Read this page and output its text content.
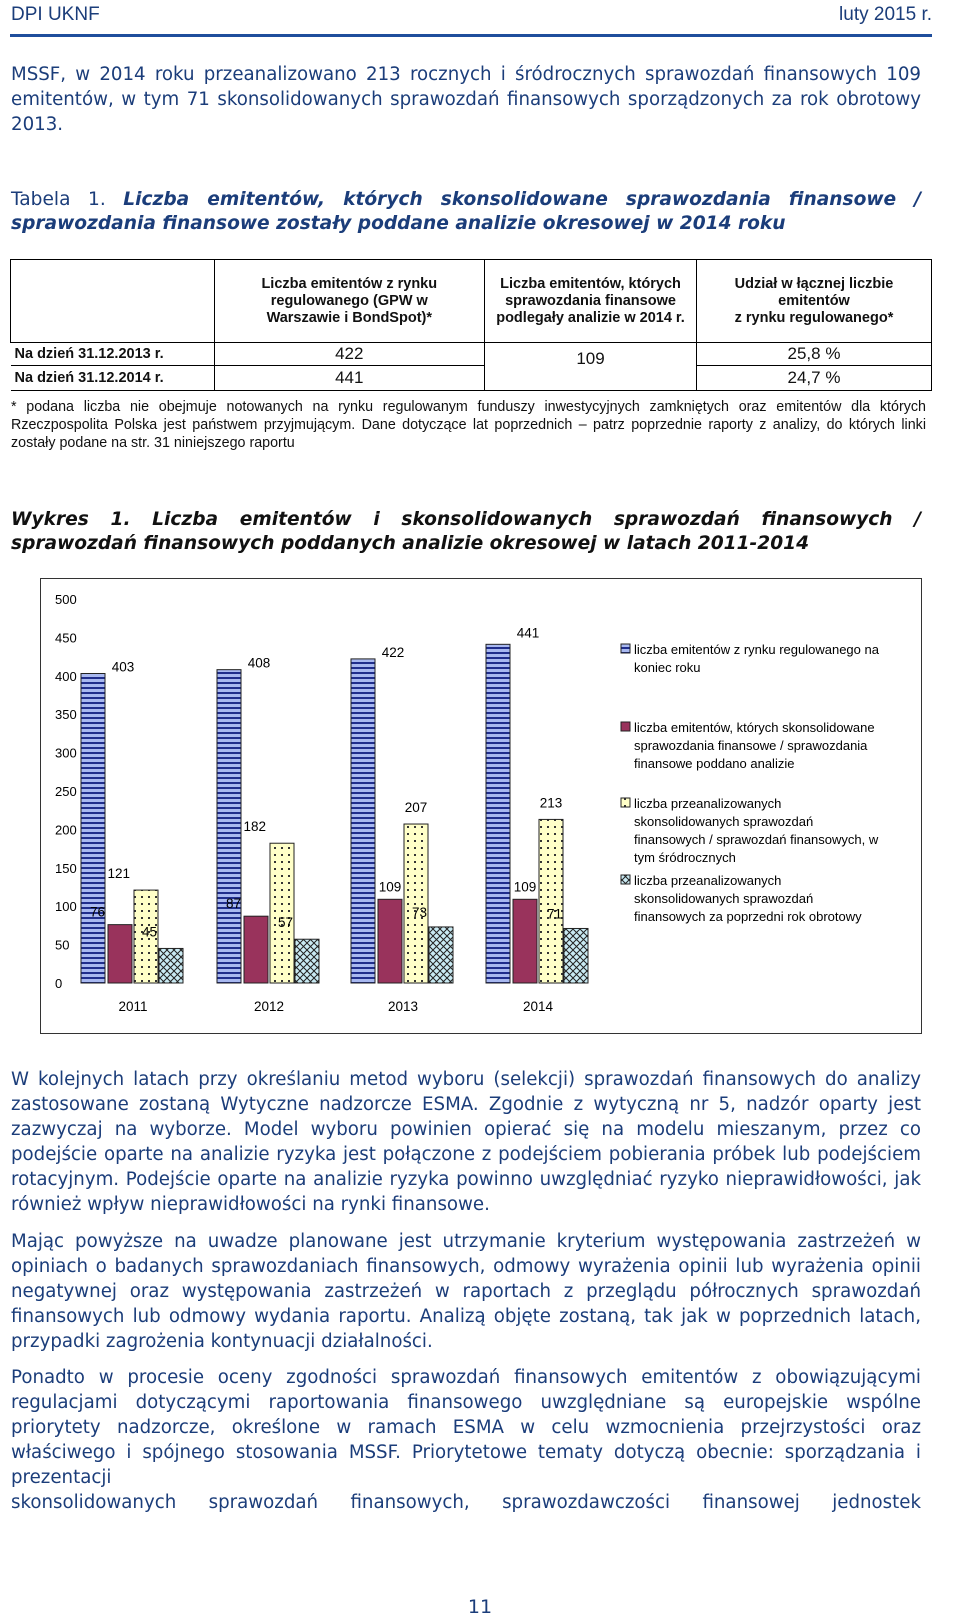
DPI UKNF	luty 2015 r.
MSSF, w 2014 roku przeanalizowano 213 rocznych i śródrocznych sprawozdań finansowych 109 emitentów, w tym 71 skonsolidowanych sprawozdań finansowych sporządzonych za rok obrotowy 2013.
Tabela 1. Liczba emitentów, których skonsolidowane sprawozdania finansowe /
sprawozdania finansowe zostały poddane analizie okresowej w 2014 roku
	Liczba emitentów z rynku regulowanego (GPW w Warszawie i BondSpot)*	Liczba emitentów, których sprawozdania finansowe podlegały analizie w 2014 r.	Udział w łącznej liczbie emitentów
z rynku regulowanego*
Na dzień 31.12.2013 r.	422	109	25,8 %
Na dzień 31.12.2014 r.	441		24,7 %
* podana liczba nie obejmuje notowanych na rynku regulowanym funduszy inwestycyjnych zamkniętych oraz emitentów dla których Rzeczpospolita Polska jest państwem przyjmującym. Dane dotyczące lat poprzednich – patrz poprzednie raporty z analizy, do których linki zostały podane na str. 31 niniejszego raportu
Wykres 1. Liczba emitentów i skonsolidowanych sprawozdań finansowych /
sprawozdań finansowych poddanych analizie okresowej w latach 2011-2014
0
50
100
150
200
250
300
350
400
450
500
403
76
121
45
408
87
182
57
422
109
207
73
441
109
213
71
2011	2012	2013	2014
liczba emitentów z rynku regulowanego na koniec roku
liczba emitentów, których skonsolidowane sprawozdania finansowe / sprawozdania finansowe poddano analizie
liczba przeanalizowanych skonsolidowanych sprawozdań finansowych / sprawozdań finansowych, w tym śródrocznych
liczba przeanalizowanych skonsolidowanych sprawozdań finansowych za poprzedni rok obrotowy
W kolejnych latach przy określaniu metod wyboru (selekcji) sprawozdań finansowych do analizy zastosowane zostaną Wytyczne nadzorcze ESMA. Zgodnie z wytyczną nr 5, nadzór oparty jest zazwyczaj na wyborze. Model wyboru powinien opierać się na modelu mieszanym, przez co podejście oparte na analizie ryzyka jest połączone z podejściem pobierania próbek lub podejściem rotacyjnym. Podejście oparte na analizie ryzyka powinno uwzględniać ryzyko nieprawidłowości, jak również wpływ nieprawidłowości na rynki finansowe.
Mając powyższe na uwadze planowane jest utrzymanie kryterium występowania zastrzeżeń w opiniach o badanych sprawozdaniach finansowych, odmowy wyrażenia opinii lub wyrażenia opinii negatywnej oraz występowania zastrzeżeń w raportach z przeglądu półrocznych sprawozdań finansowych lub odmowy wydania raportu. Analizą objęte zostaną, tak jak w poprzednich latach, przypadki zagrożenia kontynuacji działalności.
Ponadto w procesie oceny zgodności sprawozdań finansowych emitentów z obowiązującymi regulacjami dotyczącymi raportowania finansowego uwzględniane są europejskie wspólne priorytety nadzorcze, określone w ramach ESMA w celu wzmocnienia przejrzystości oraz właściwego i spójnego stosowania MSSF. Priorytetowe tematy dotyczą obecnie: sporządzania i prezentacji
skonsolidowanych sprawozdań finansowych, sprawozdawczości finansowej jednostek
11
